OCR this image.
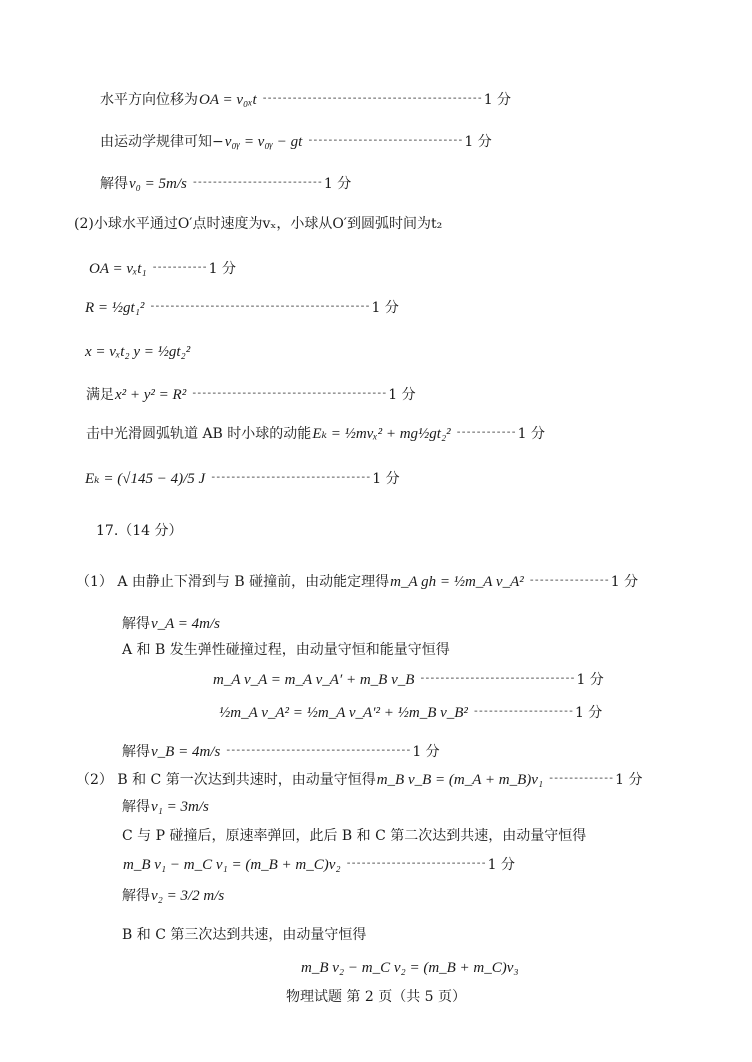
水平方向位移为 OA = v₀ₓt -------------------------------------------- 1 分
由运动学规律可知− v₀ᵧ = v₀ᵧ − gt ------------------------------- 1 分
解得 v₀ = 5m/s -------------------------- 1 分
(2)小球水平通过O′点时速度为vₓ，小球从O′到圆弧时间为t₂
OA = vₓt₁ ----------- 1 分
R = ½gt₁² -------------------------------------------- 1 分
x = vₓt₂ y = ½gt₂²
满足 x² + y² = R² --------------------------------------- 1 分
击中光滑圆弧轨道 AB 时小球的动能 Eₖ = ½mvₓ² + mg½gt₂² ------------ 1 分
Eₖ = (√145 − 4)/5 J -------------------------------- 1 分
17.（14 分）
（1） A 由静止下滑到与 B 碰撞前，由动能定理得 m_A gh = ½m_A v_A² ---------------- 1 分
解得 v_A = 4m/s
A 和 B 发生弹性碰撞过程，由动量守恒和能量守恒得
m_A v_A = m_A v_A′ + m_B v_B ------------------------------- 1 分
½m_A v_A² = ½m_A v_A′² + ½m_B v_B² -------------------- 1 分
解得 v_B = 4m/s ------------------------------------- 1 分
（2） B 和 C 第一次达到共速时，由动量守恒得 m_B v_B = (m_A + m_B)v₁ ------------- 1 分
解得 v₁ = 3m/s
C 与 P 碰撞后，原速率弹回，此后 B 和 C 第二次达到共速，由动量守恒得
m_B v₁ − m_C v₁ = (m_B + m_C)v₂ ---------------------------- 1 分
解得 v₂ = 3/2 m/s
B 和 C 第三次达到共速，由动量守恒得
m_B v₂ − m_C v₂ = (m_B + m_C)v₃
物理试题 第 2 页（共 5 页）
